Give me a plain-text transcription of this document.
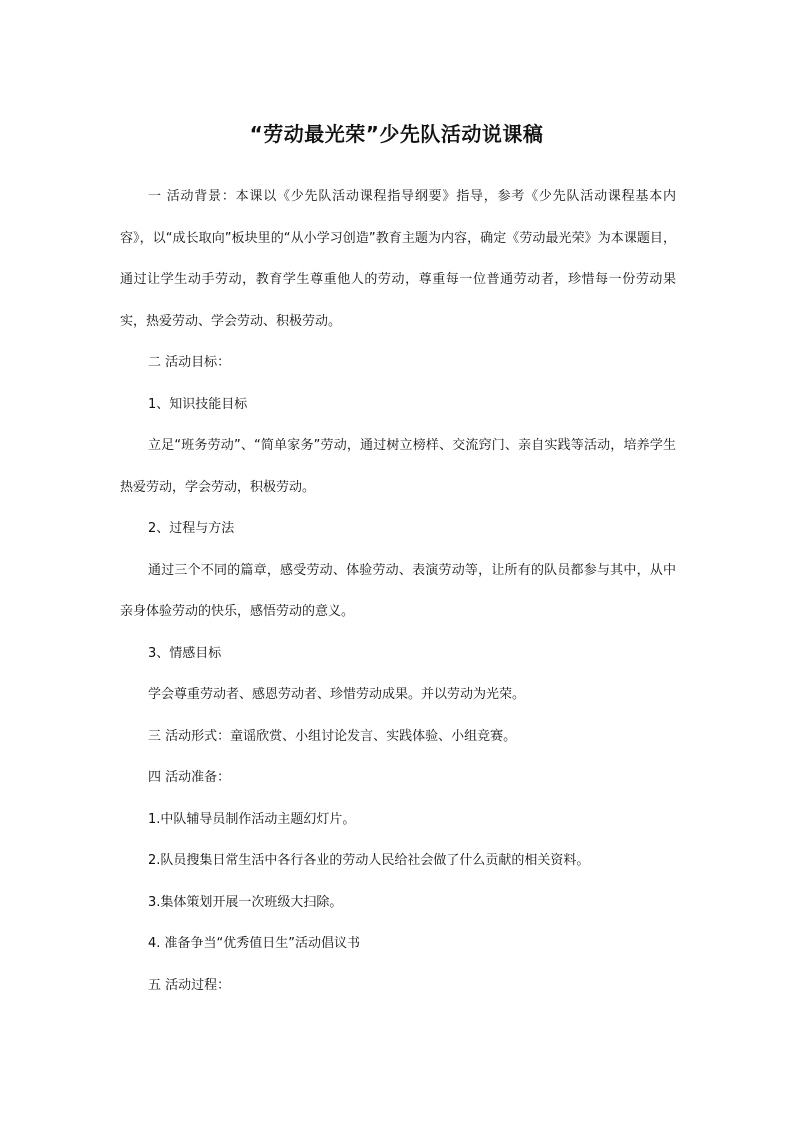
“劳动最光荣”少先队活动说课稿

一 活动背景：本课以《少先队活动课程指导纲要》指导，参考《少先队活动课程基本内容》，以“成长取向”板块里的“从小学习创造”教育主题为内容，确定《劳动最光荣》为本课题目，通过让学生动手劳动，教育学生尊重他人的劳动，尊重每一位普通劳动者，珍惜每一份劳动果实，热爱劳动、学会劳动、积极劳动。

二 活动目标：

1、知识技能目标

立足“班务劳动”、“简单家务”劳动，通过树立榜样、交流窍门、亲自实践等活动，培养学生热爱劳动，学会劳动，积极劳动。

2、过程与方法

通过三个不同的篇章，感受劳动、体验劳动、表演劳动等，让所有的队员都参与其中，从中亲身体验劳动的快乐，感悟劳动的意义。

3、情感目标

学会尊重劳动者、感恩劳动者、珍惜劳动成果。并以劳动为光荣。

三 活动形式：童谣欣赏、小组讨论发言、实践体验、小组竞赛。

四 活动准备：

1.中队辅导员制作活动主题幻灯片。

2.队员搜集日常生活中各行各业的劳动人民给社会做了什么贡献的相关资料。

3.集体策划开展一次班级大扫除。

4. 准备争当“优秀值日生”活动倡议书

五 活动过程：
